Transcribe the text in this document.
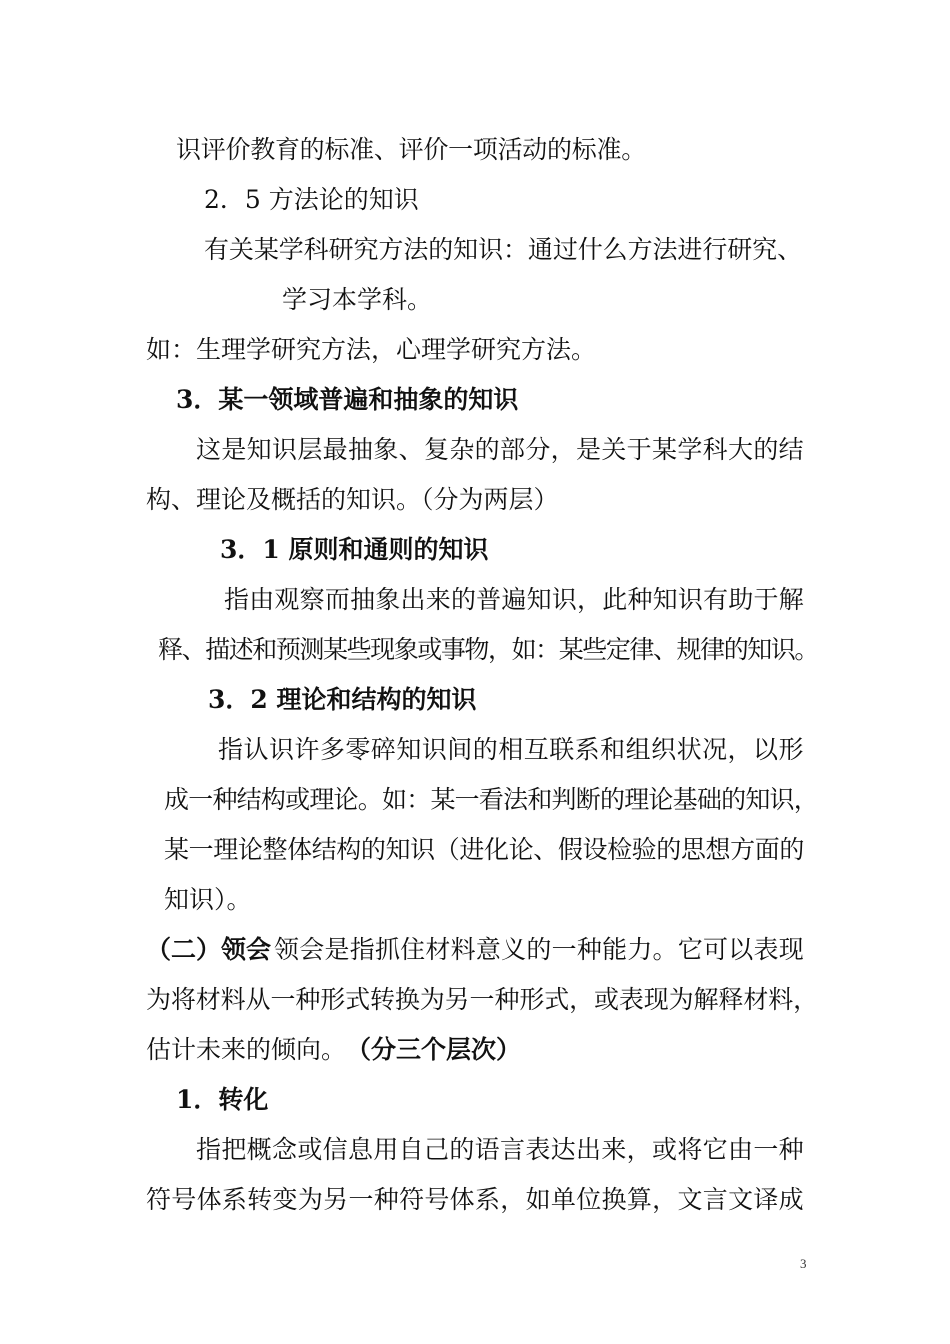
识评价教育的标准、评价一项活动的标准。
2．5 方法论的知识
有关某学科研究方法的知识：通过什么方法进行研究、
学习本学科。
如：生理学研究方法，心理学研究方法。
3．某一领域普遍和抽象的知识
这是知识层最抽象、复杂的部分，是关于某学科大的结
构、理论及概括的知识。（分为两层）
3．1 原则和通则的知识
指由观察而抽象出来的普遍知识，此种知识有助于解
释、描述和预测某些现象或事物，如：某些定律、规律的知识。
3．2 理论和结构的知识
指认识许多零碎知识间的相互联系和组织状况，以形
成一种结构或理论。如：某一看法和判断的理论基础的知识，
某一理论整体结构的知识（进化论、假设检验的思想方面的
知识）。
（二）领会 领会是指抓住材料意义的一种能力。它可以表现
为将材料从一种形式转换为另一种形式，或表现为解释材料，
估计未来的倾向。 （分三个层次）
1．转化
指把概念或信息用自己的语言表达出来，或将它由一种
符号体系转变为另一种符号体系，如单位换算，文言文译成
3
